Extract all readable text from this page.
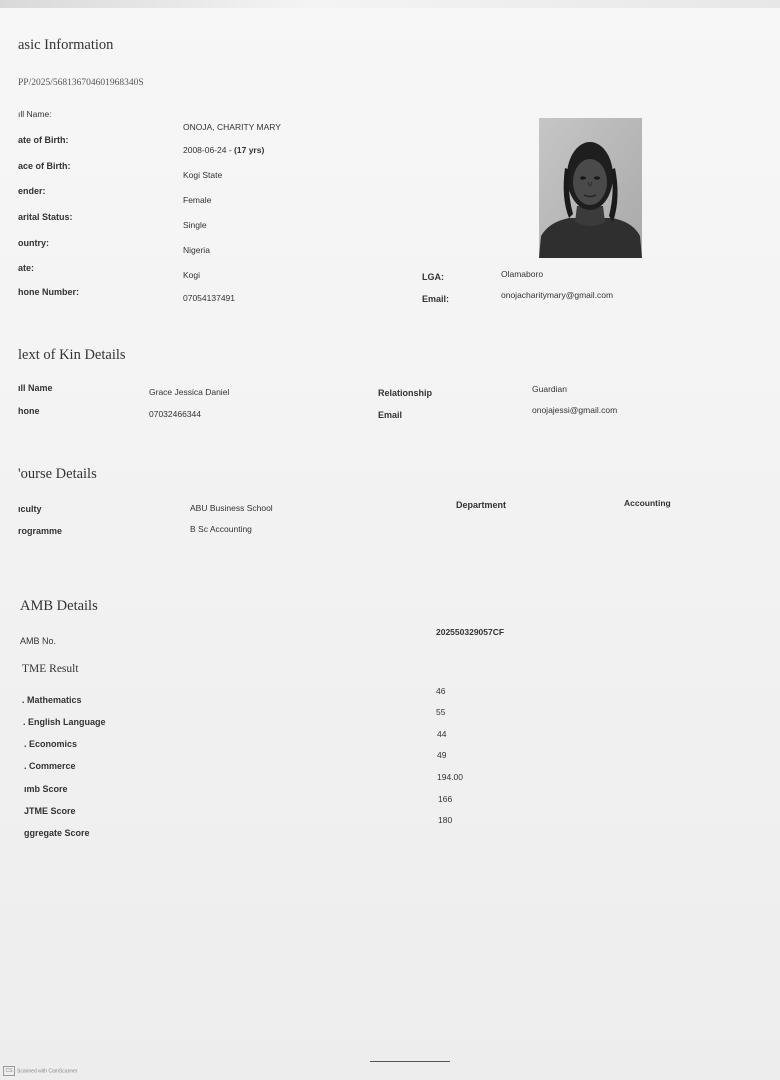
asic Information
PP/2025/568136704601968340S
ıll Name:
ONOJA, CHARITY MARY
ate of Birth:
2008-06-24 - (17 yrs)
ace of Birth:
Kogi State
ender:
Female
arital Status:
Single
ountry:
Nigeria
ate:
Kogi	LGA:	Olamaboro
hone Number:
07054137491	Email:	onojacharitymary@gmail.com
lext of Kin Details
ıll Name	Grace Jessica Daniel	Relationship	Guardian
hone	07032466344	Email	onojajessi@gmail.com
'ourse Details
ıculty	ABU Business School	Department	Accounting
rogramme	B Sc Accounting
AMB Details
AMB No.
202550329057CF
TME Result
. Mathematics
46
. English Language
55
. Economics
44
. Commerce
49
ımb Score
194.00
JTME Score
166
ggregate Score
180
CS Scanned with CamScanner
